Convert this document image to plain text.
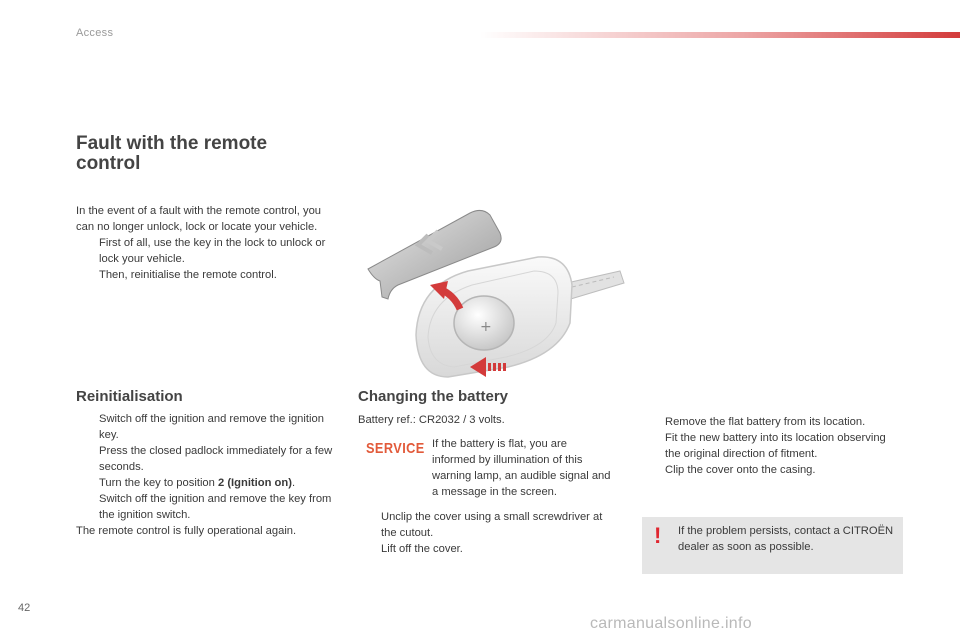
Access
Fault with the remote control
In the event of a fault with the remote control, you can no longer unlock, lock or locate your vehicle.
First of all, use the key in the lock to unlock or lock your vehicle.
Then, reinitialise the remote control.
+
Reinitialisation
Switch off the ignition and remove the ignition key.
Press the closed padlock immediately for a few seconds.
Turn the key to position 2 (Ignition on).
Switch off the ignition and remove the key from the ignition switch.
The remote control is fully operational again.
Changing the battery
Battery ref.: CR2032 / 3 volts.
SERVICE If the battery is flat, you are informed by illumination of this warning lamp, an audible signal and a message in the screen.
Unclip the cover using a small screwdriver at the cutout.
Lift off the cover.
Remove the flat battery from its location.
Fit the new battery into its location observing the original direction of fitment.
Clip the cover onto the casing.
! If the problem persists, contact a CITROËN dealer as soon as possible.
42
carmanualsonline.info
